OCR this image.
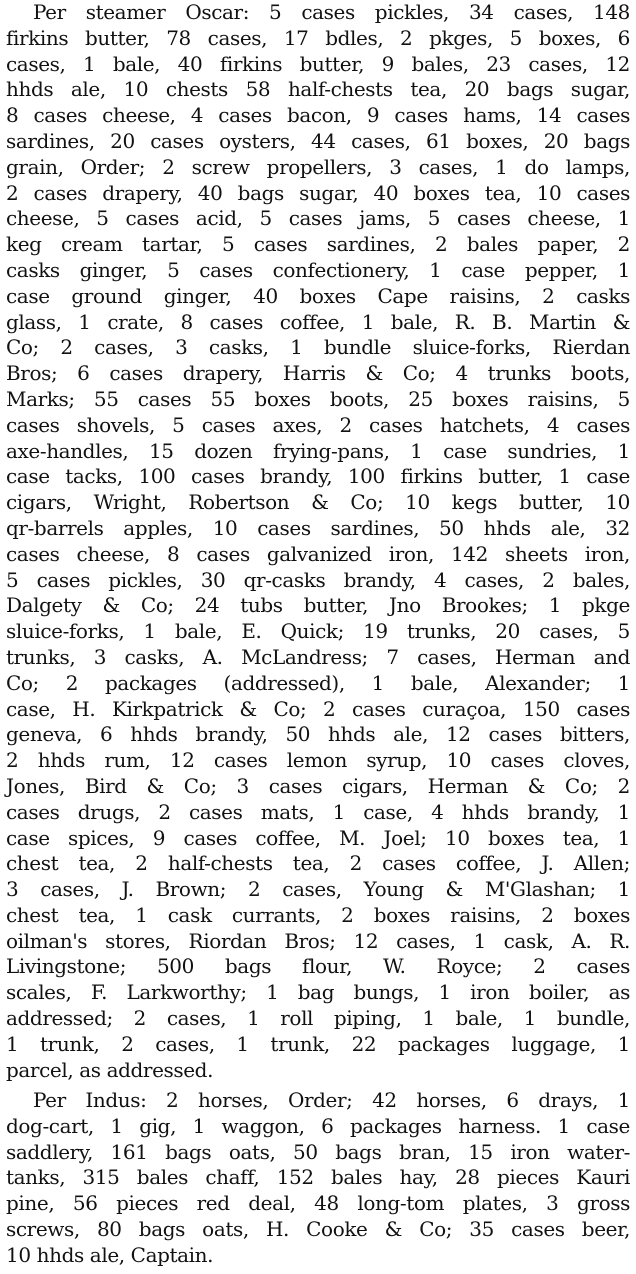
Per steamer Oscar: 5 cases pickles, 34 cases, 148
firkins butter, 78 cases, 17 bdles, 2 pkges, 5 boxes, 6
cases, 1 bale, 40 firkins butter, 9 bales, 23 cases, 12
hhds ale, 10 chests 58 half-chests tea, 20 bags sugar,
8 cases cheese, 4 cases bacon, 9 cases hams, 14 cases
sardines, 20 cases oysters, 44 cases, 61 boxes, 20 bags
grain, Order; 2 screw propellers, 3 cases, 1 do lamps,
2 cases drapery, 40 bags sugar, 40 boxes tea, 10 cases
cheese, 5 cases acid, 5 cases jams, 5 cases cheese, 1
keg cream tartar, 5 cases sardines, 2 bales paper, 2
casks ginger, 5 cases confectionery, 1 case pepper, 1
case ground ginger, 40 boxes Cape raisins, 2 casks
glass, 1 crate, 8 cases coffee, 1 bale, R. B. Martin &
Co; 2 cases, 3 casks, 1 bundle sluice-forks, Rierdan
Bros; 6 cases drapery, Harris & Co; 4 trunks boots,
Marks; 55 cases 55 boxes boots, 25 boxes raisins, 5
cases shovels, 5 cases axes, 2 cases hatchets, 4 cases
axe-handles, 15 dozen frying-pans, 1 case sundries, 1
case tacks, 100 cases brandy, 100 firkins butter, 1 case
cigars, Wright, Robertson & Co; 10 kegs butter, 10
qr-barrels apples, 10 cases sardines, 50 hhds ale, 32
cases cheese, 8 cases galvanized iron, 142 sheets iron,
5 cases pickles, 30 qr-casks brandy, 4 cases, 2 bales,
Dalgety & Co; 24 tubs butter, Jno Brookes; 1 pkge
sluice-forks, 1 bale, E. Quick; 19 trunks, 20 cases, 5
trunks, 3 casks, A. McLandress; 7 cases, Herman and
Co; 2 packages (addressed), 1 bale, Alexander; 1
case, H. Kirkpatrick & Co; 2 cases curaçoa, 150 cases
geneva, 6 hhds brandy, 50 hhds ale, 12 cases bitters,
2 hhds rum, 12 cases lemon syrup, 10 cases cloves,
Jones, Bird & Co; 3 cases cigars, Herman & Co; 2
cases drugs, 2 cases mats, 1 case, 4 hhds brandy, 1
case spices, 9 cases coffee, M. Joel; 10 boxes tea, 1
chest tea, 2 half-chests tea, 2 cases coffee, J. Allen;
3 cases, J. Brown; 2 cases, Young & M'Glashan; 1
chest tea, 1 cask currants, 2 boxes raisins, 2 boxes
oilman's stores, Riordan Bros; 12 cases, 1 cask, A. R.
Livingstone; 500 bags flour, W. Royce; 2 cases
scales, F. Larkworthy; 1 bag bungs, 1 iron boiler, as
addressed; 2 cases, 1 roll piping, 1 bale, 1 bundle,
1 trunk, 2 cases, 1 trunk, 22 packages luggage, 1
parcel, as addressed.
Per Indus: 2 horses, Order; 42 horses, 6 drays, 1
dog-cart, 1 gig, 1 waggon, 6 packages harness. 1 case
saddlery, 161 bags oats, 50 bags bran, 15 iron water-
tanks, 315 bales chaff, 152 bales hay, 28 pieces Kauri
pine, 56 pieces red deal, 48 long-tom plates, 3 gross
screws, 80 bags oats, H. Cooke & Co; 35 cases beer,
10 hhds ale, Captain.
